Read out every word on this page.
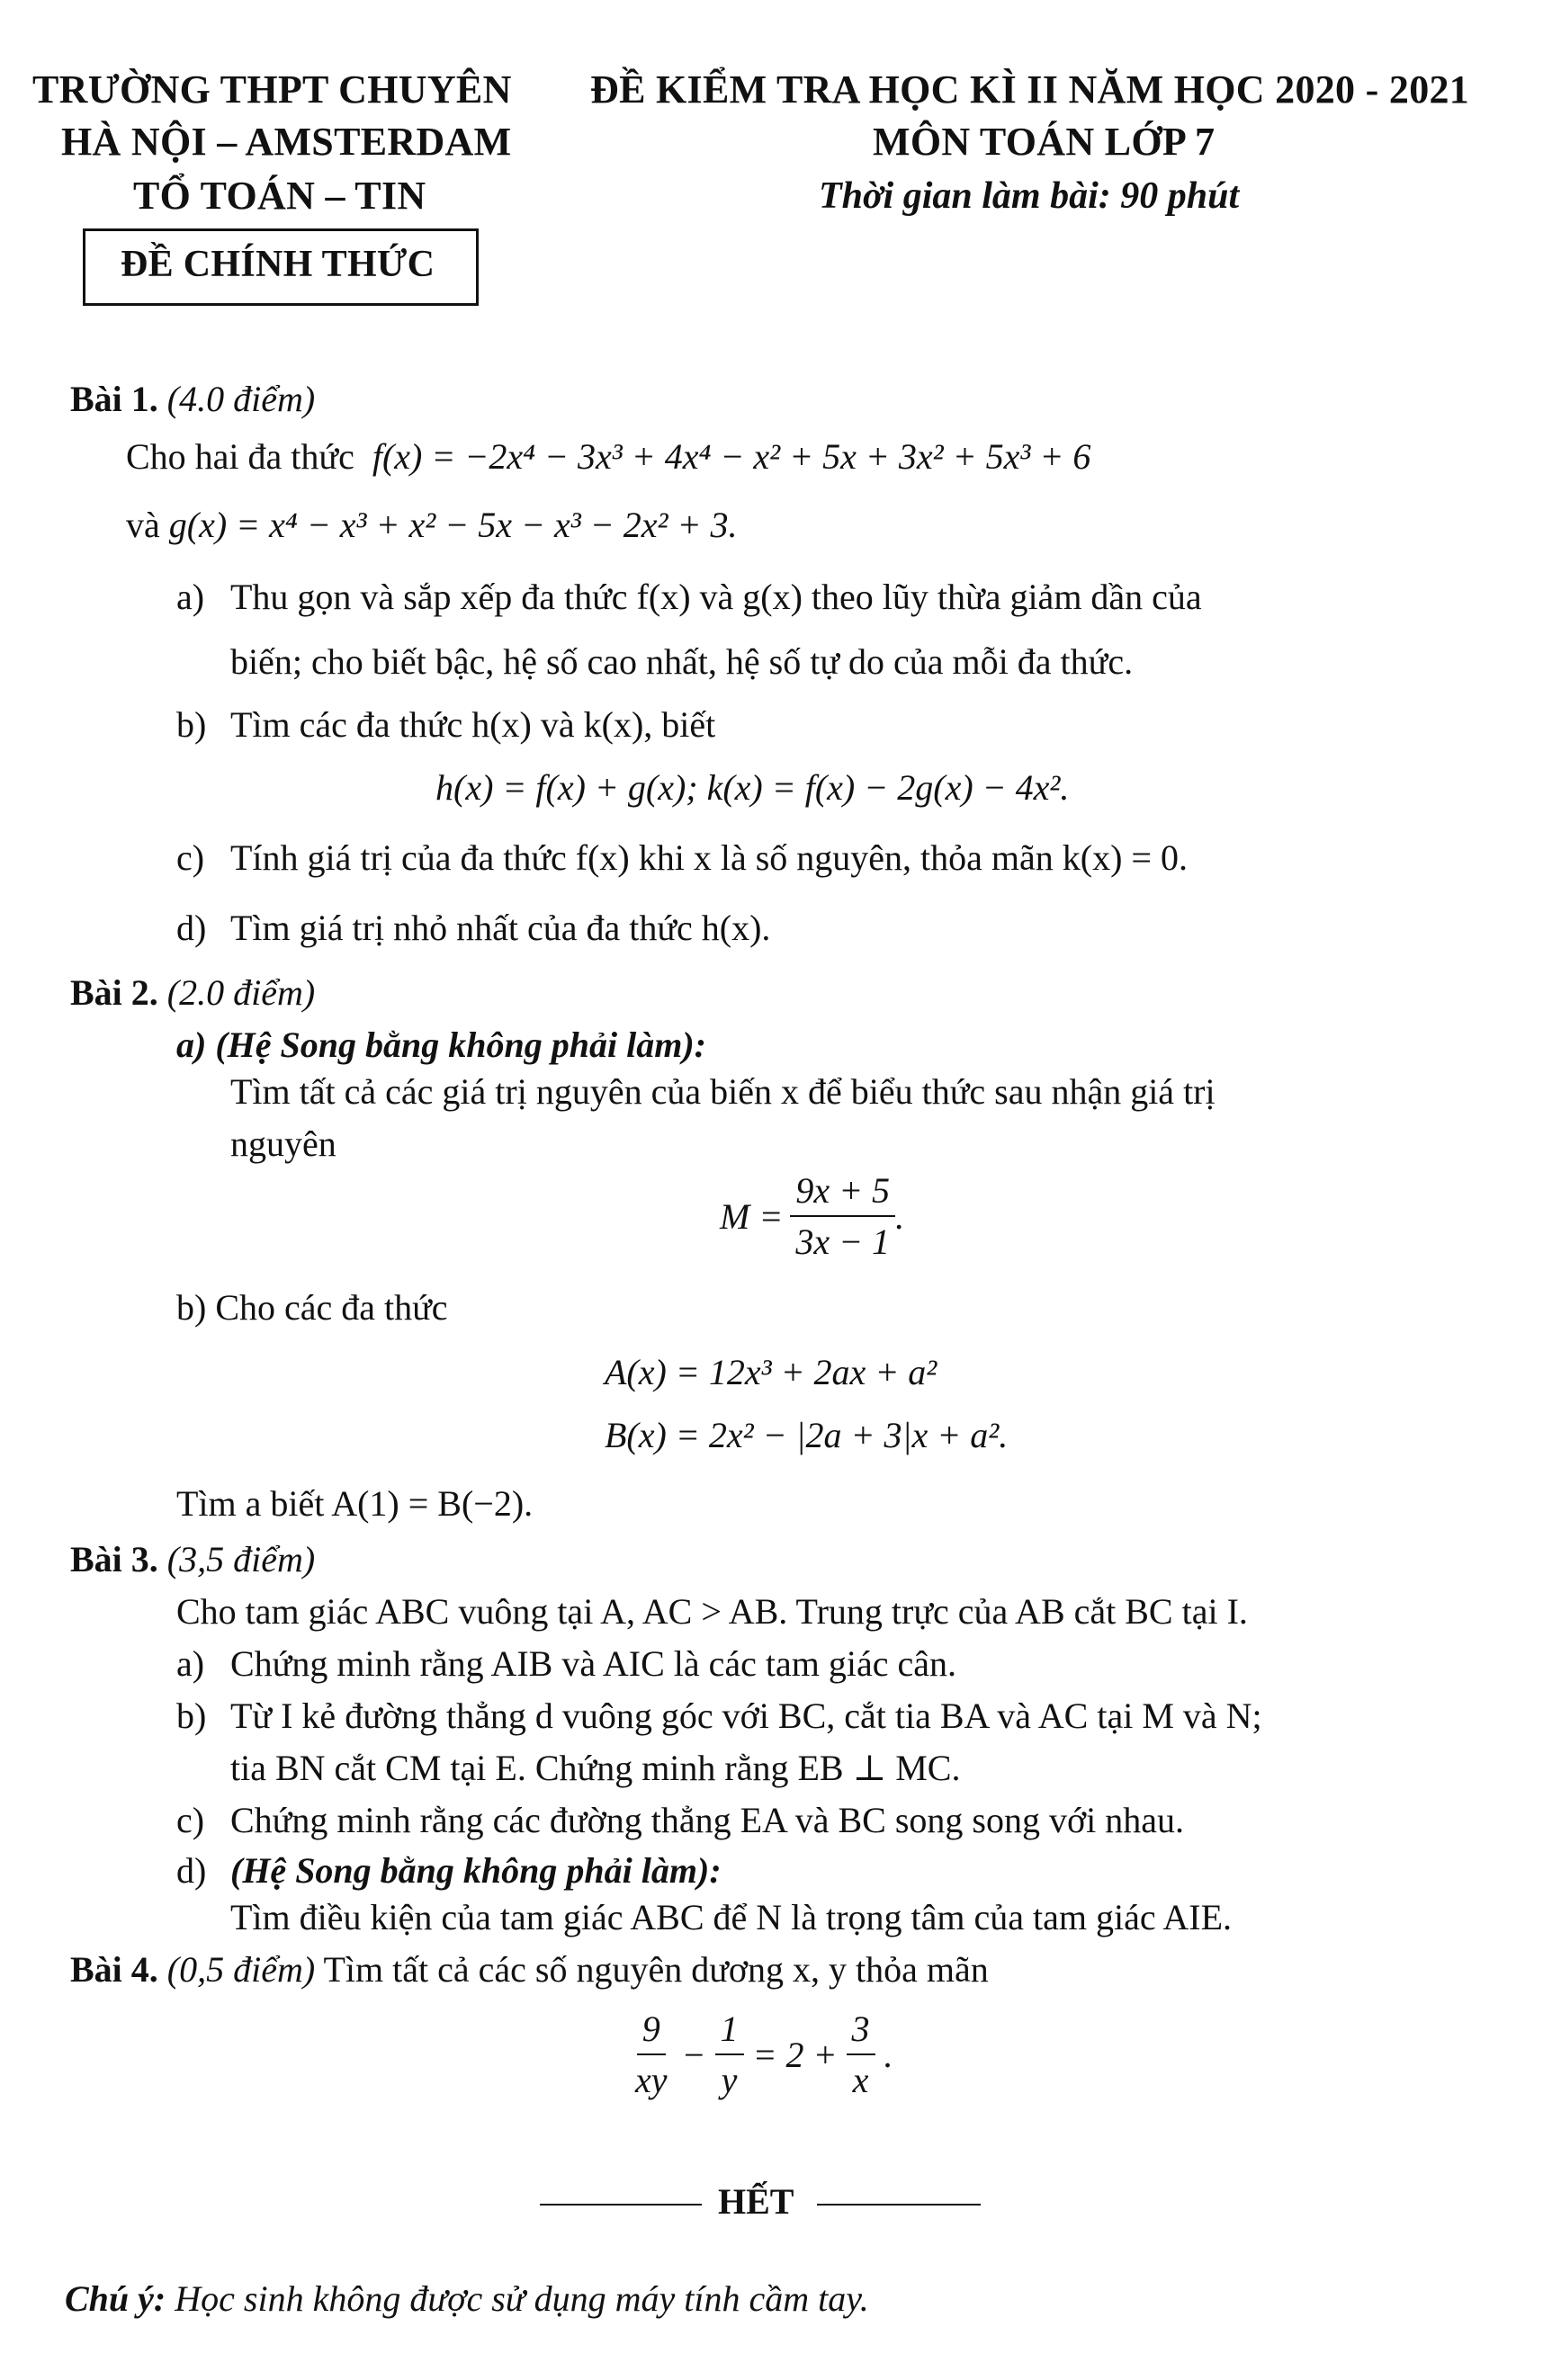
TRƯỜNG THPT CHUYÊN
HÀ NỘI – AMSTERDAM
TỔ TOÁN – TIN
ĐỀ CHÍNH THỨC
ĐỀ KIỂM TRA HỌC KÌ II NĂM HỌC 2020 - 2021
MÔN TOÁN LỚP 7
Thời gian làm bài: 90 phút
Bài 1. (4.0 điểm)
Cho hai đa thức f(x) = −2x⁴ − 3x³ + 4x⁴ − x² + 5x + 3x² + 5x³ + 6
và g(x) = x⁴ − x³ + x² − 5x − x³ − 2x² + 3.
a) Thu gọn và sắp xếp đa thức f(x) và g(x) theo lũy thừa giảm dần của
biến; cho biết bậc, hệ số cao nhất, hệ số tự do của mỗi đa thức.
b) Tìm các đa thức h(x) và k(x), biết
h(x) = f(x) + g(x); k(x) = f(x) − 2g(x) − 4x².
c) Tính giá trị của đa thức f(x) khi x là số nguyên, thỏa mãn k(x) = 0.
d) Tìm giá trị nhỏ nhất của đa thức h(x).
Bài 2. (2.0 điểm)
a) (Hệ Song bằng không phải làm):
Tìm tất cả các giá trị nguyên của biến x để biểu thức sau nhận giá trị
nguyên
$M = \frac{9x + 5}{3x - 1}$ .
b) Cho các đa thức
A(x) = 12x³ + 2ax + a²
B(x) = 2x² − |2a + 3|x + a².
Tìm a biết A(1) = B(−2).
Bài 3. (3,5 điểm)
Cho tam giác ABC vuông tại A, AC > AB. Trung trực của AB cắt BC tại I.
a) Chứng minh rằng AIB và AIC là các tam giác cân.
b) Từ I kẻ đường thẳng d vuông góc với BC, cắt tia BA và AC tại M và N;
tia BN cắt CM tại E. Chứng minh rằng EB ⊥ MC.
c) Chứng minh rằng các đường thẳng EA và BC song song với nhau.
d) (Hệ Song bằng không phải làm):
Tìm điều kiện của tam giác ABC để N là trọng tâm của tam giác AIE.
Bài 4. (0,5 điểm) Tìm tất cả các số nguyên dương x, y thỏa mãn
$\frac{9}{xy} - \frac{1}{y} = 2 + \frac{3}{x}$ .
HẾT
Chú ý: Học sinh không được sử dụng máy tính cầm tay.
